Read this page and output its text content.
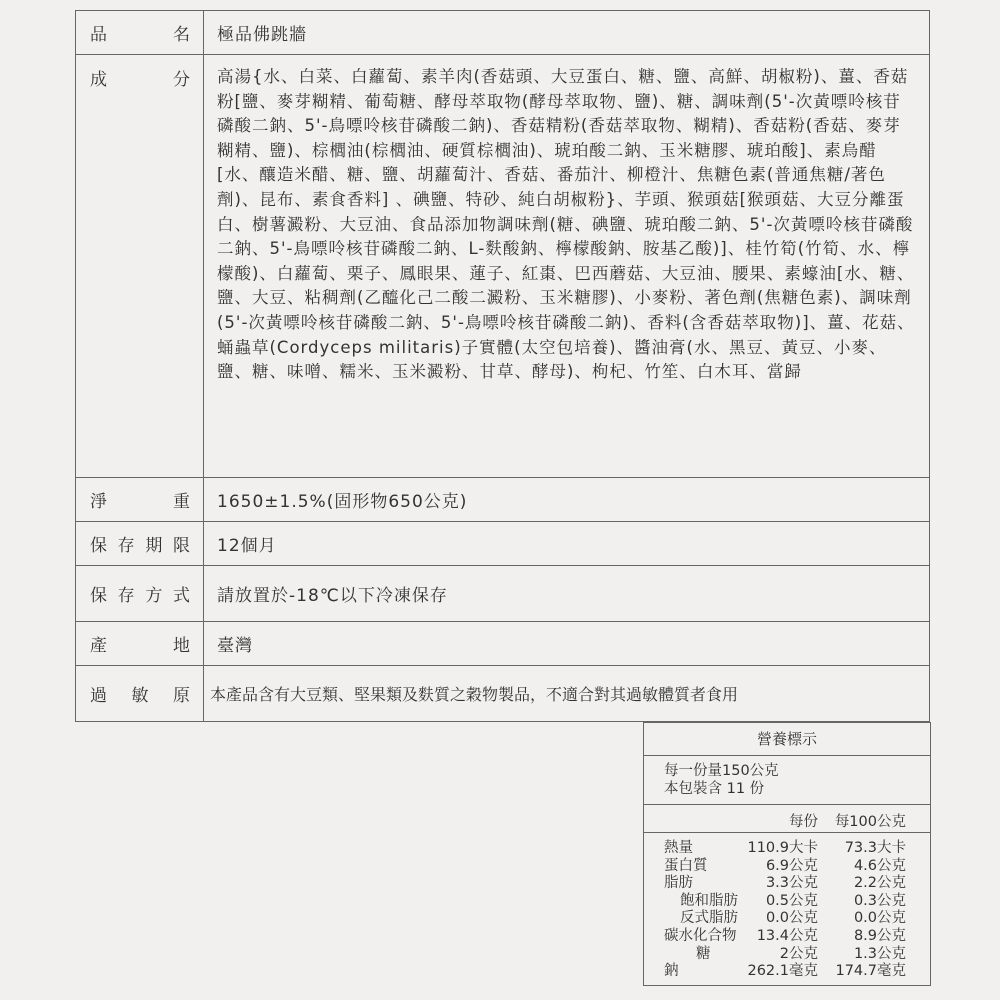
品 名	極品佛跳牆

成 分	高湯{水、白菜、白蘿蔔、素羊肉(香菇頭、大豆蛋白、糖、鹽、高鮮、胡椒粉)、薑、香菇粉[鹽、麥芽糊精、葡萄糖、酵母萃取物(酵母萃取物、鹽)、糖、調味劑(5'-次黃嘌呤核苷磷酸二鈉、5'-鳥嘌呤核苷磷酸二鈉)、香菇精粉(香菇萃取物、糊精)、香菇粉(香菇、麥芽糊精、鹽)、棕櫚油(棕櫚油、硬質棕櫚油)、琥珀酸二鈉、玉米糖膠、琥珀酸]、素烏醋[水、釀造米醋、糖、鹽、胡蘿蔔汁、香菇、番茄汁、柳橙汁、焦糖色素(普通焦糖/著色劑)、昆布、素食香料] 、碘鹽、特砂、純白胡椒粉}、芋頭、猴頭菇[猴頭菇、大豆分離蛋白、樹薯澱粉、大豆油、食品添加物調味劑(糖、碘鹽、琥珀酸二鈉、5'-次黃嘌呤核苷磷酸二鈉、5'-鳥嘌呤核苷磷酸二鈉、L-麩酸鈉、檸檬酸鈉、胺基乙酸)]、桂竹筍(竹筍、水、檸檬酸)、白蘿蔔、栗子、鳳眼果、蓮子、紅棗、巴西蘑菇、大豆油、腰果、素蠔油[水、糖、鹽、大豆、粘稠劑(乙醯化己二酸二澱粉、玉米糖膠)、小麥粉、著色劑(焦糖色素)、調味劑(5'-次黃嘌呤核苷磷酸二鈉、5'-鳥嘌呤核苷磷酸二鈉)、香料(含香菇萃取物)]、薑、花菇、蛹蟲草(Cordyceps militaris)子實體(太空包培養)、醬油膏(水、黑豆、黃豆、小麥、鹽、糖、味噌、糯米、玉米澱粉、甘草、酵母)、枸杞、竹笙、白木耳、當歸

淨 重	1650±1.5%(固形物650公克)

保 存 期 限	12個月

保 存 方 式	請放置於-18℃以下冷凍保存

產 地	臺灣

過 敏 原	本產品含有大豆類、堅果類及麩質之穀物製品，不適合對其過敏體質者食用
營養標示
每一份量150公克
本包裝含 11 份
每份 每100公克
熱量	110.9大卡 73.3大卡
蛋白質	6.9公克 4.6公克
脂肪	3.3公克 2.2公克
飽和脂肪 0.5公克 0.3公克
反式脂肪 0.0公克 0.0公克
碳水化合物 13.4公克 8.9公克
糖	2公克 1.3公克
鈉	262.1毫克 174.7毫克
